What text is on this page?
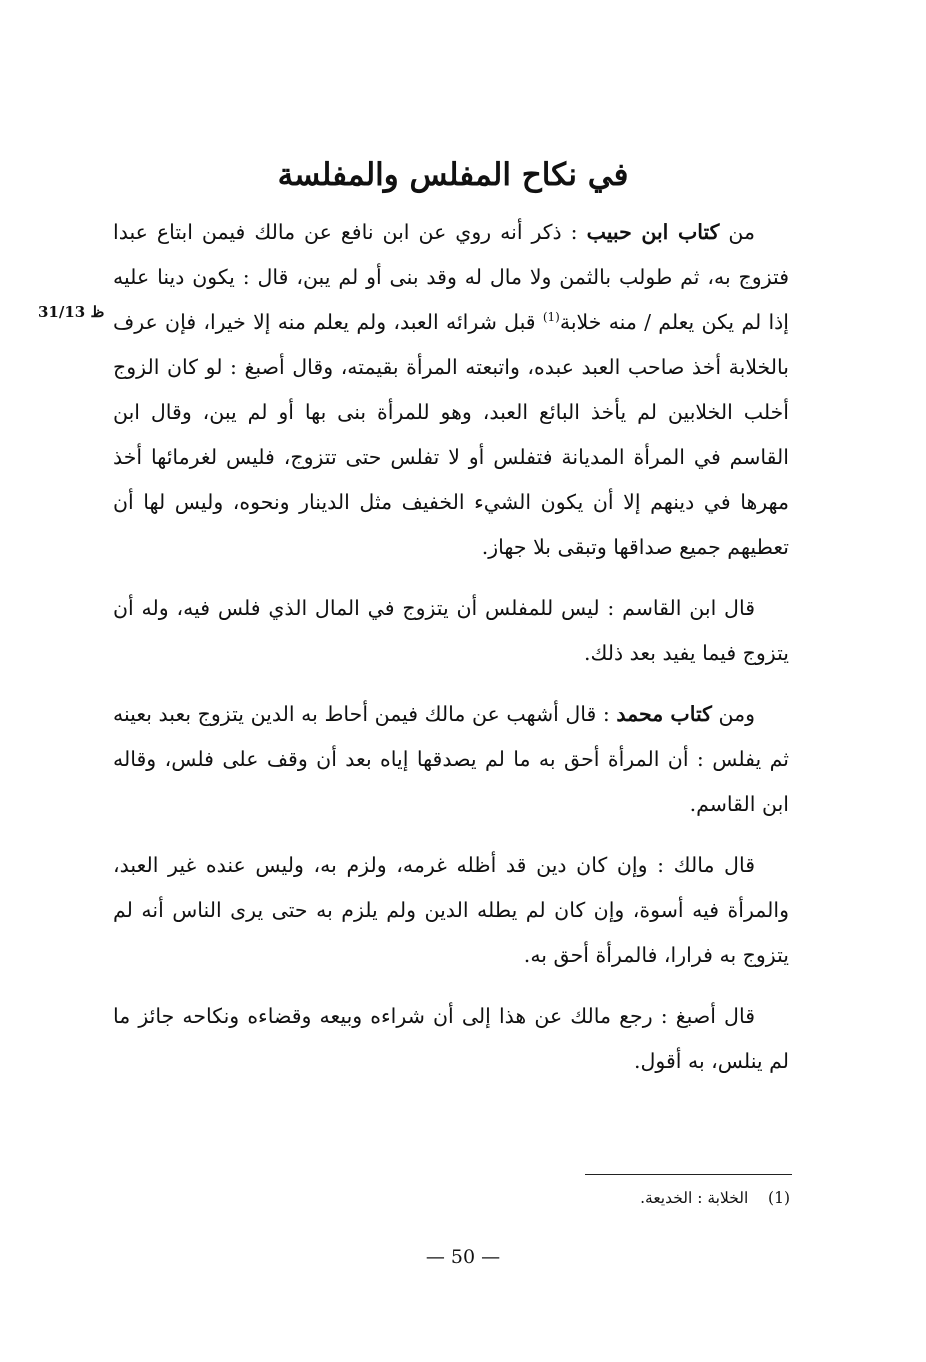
في نكاح المفلس والمفلسة
31/13 ظ

من كتاب ابن حبيب : ذكر أنه روي عن ابن نافع عن مالك فيمن ابتاع عبدا فتزوج به، ثم طولب بالثمن ولا مال له وقد بنى أو لم يبن، قال : يكون دينا عليه إذا لم يكن يعلم / منه خلابة$^{(1)}$ قبل شرائه العبد، ولم يعلم منه إلا خيرا، فإن عرف بالخلابة أخذ صاحب العبد عبده، واتبعته المرأة بقيمته، وقال أصبغ : لو كان الزوج أخلب الخلابين لم يأخذ البائع العبد، وهو للمرأة بنى بها أو لم يبن، وقال ابن القاسم في المرأة المديانة فتفلس أو لا تفلس حتى تتزوج، فليس لغرمائها أخذ مهرها في دينهم إلا أن يكون الشيء الخفيف مثل الدينار ونحوه، وليس لها أن تعطيهم جميع صداقها وتبقى بلا جهاز.

قال ابن القاسم : ليس للمفلس أن يتزوج في المال الذي فلس فيه، وله أن يتزوج فيما يفيد بعد ذلك.

ومن كتاب محمد : قال أشهب عن مالك فيمن أحاط به الدين يتزوج بعبد بعينه ثم يفلس : أن المرأة أحق به ما لم يصدقها إياه بعد أن وقف على فلس، وقاله ابن القاسم.

قال مالك : وإن كان دين قد أظله غرمه، ولزم به، وليس عنده غير العبد، والمرأة فيه أسوة، وإن كان لم يطله الدين ولم يلزم به حتى يرى الناس أنه لم يتزوج به فرارا، فالمرأة أحق به.

قال أصبغ : رجع مالك عن هذا إلى أن شراءه وبيعه وقضاءه ونكاحه جائز ما لم ينلس، به أقول.

(1)    الخلابة : الخديعة.
— 50 —
